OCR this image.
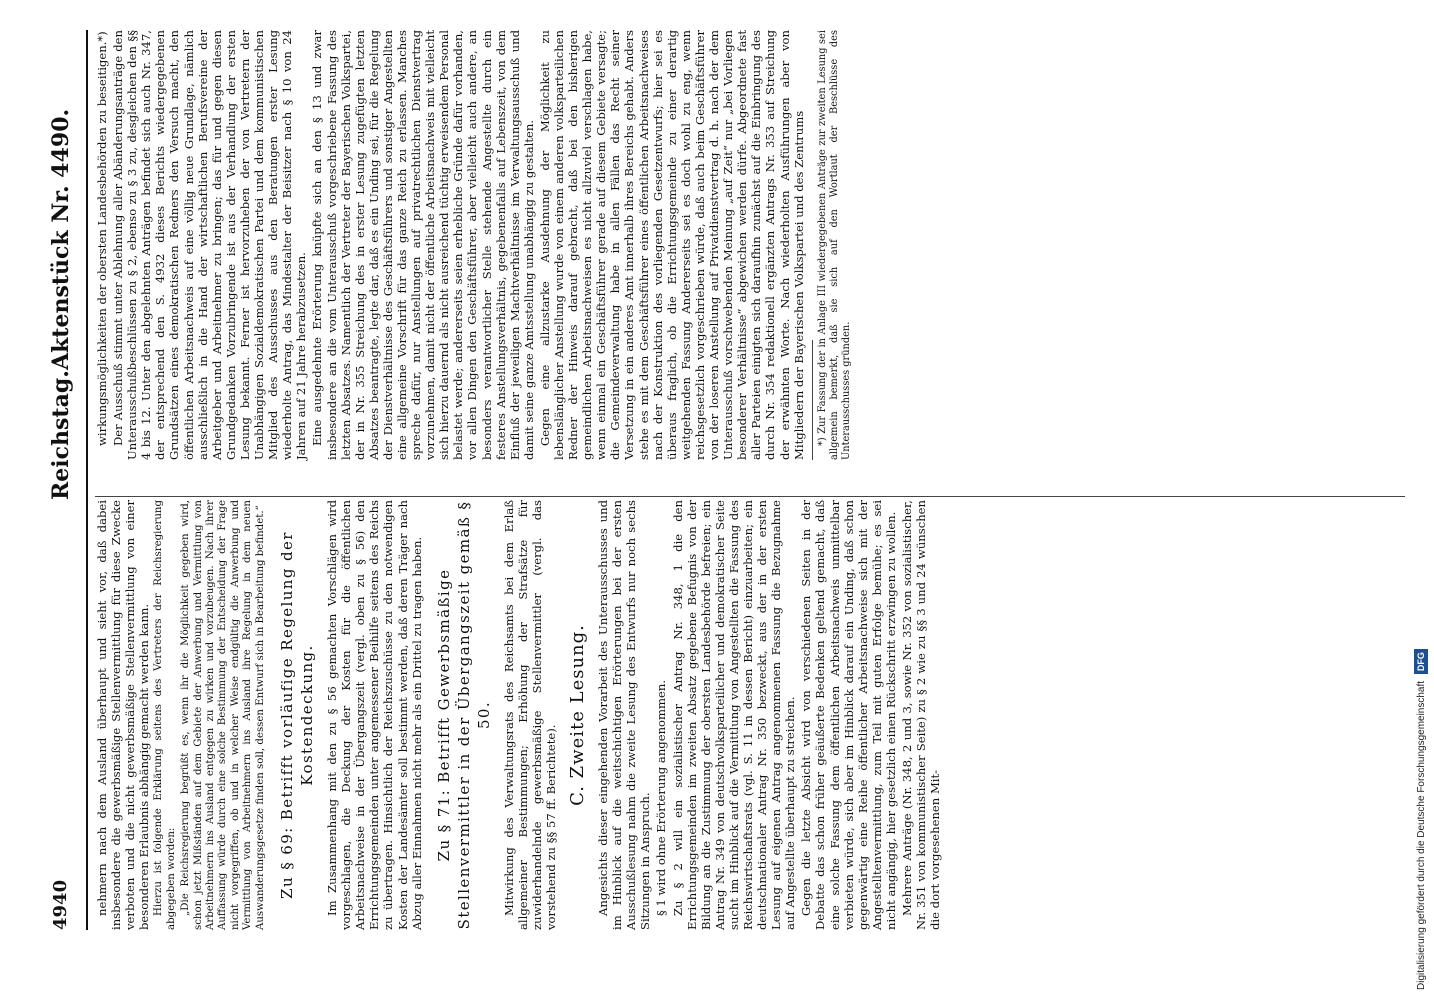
4940
Reichstag.
Aktenstück Nr. 4490.

nehmern nach dem Ausland überhaupt und sieht vor, daß dabei insbesondere die gewerbsmäßige Stellenvermittlung für diese Zwecke verboten und die nicht gewerbsmäßige Stellenvermittlung von einer besonderen Erlaubnis abhängig gemacht werden kann. Hierzu ist folgende Erklärung seitens des Vertreters der Reichsregierung abgegeben worden: „Die Reichsregierung begrüßt es, wenn ihr die Möglichkeit gegeben wird, schon jetzt Mißständen auf dem Gebiete der Anwerbung und Vermittlung von Arbeitnehmern ins Ausland entgegen zu wirken und vorzubeugen. Nach ihrer Auffassung würde durch eine solche Bestimmung der Entscheidung der Frage nicht vorgegriffen, ob und in welcher Weise endgültig die Anwerbung und Vermittlung von Arbeitnehmern ins Ausland ihre Regelung in dem neuen Auswanderungsgesetze finden soll, dessen Entwurf sich in Bearbeitung befindet.“ Zu § 69: Betrifft vorläufige Regelung der Kostendeckung. Im Zusammenhang mit den zu § 56 gemachten Vorschlägen wird vorgeschlagen, die Deckung der Kosten für die öffentlichen Arbeitsnachweise in der Übergangszeit (vergl. oben zu § 56) den Errichtungsgemeinden unter angemessener Beihilfe seitens des Reichs zu übertragen. Hinsichtlich der Reichszuschüsse zu den notwendigen Kosten der Landesämter soll bestimmt werden, daß deren Träger nach Abzug aller Einnahmen nicht mehr als ein Drittel zu tragen haben. Zu § 71: Betrifft Gewerbsmäßige Stellenvermittler in der Übergangszeit gemäß § 50. Mitwirkung des Verwaltungsrats des Reichsamts bei dem Erlaß allgemeiner Bestimmungen; Erhöhung der Strafsätze für zuwiderhandelnde gewerbsmäßige Stellenvermittler (vergl. das vorstehend zu §§ 57 ff. Berichtete).

C. Zweite Lesung. Angesichts dieser eingehenden Vorarbeit des Unterausschusses und im Hinblick auf die weitschichtigen Erörterungen bei der ersten Ausschußlesung nahm die zweite Lesung des Entwurfs nur noch sechs Sitzungen in Anspruch. § 1 wird ohne Erörterung angenommen. Zu § 2 will ein sozialistischer Antrag Nr. 348, 1 die den Errichtungsgemeinden im zweiten Absatz gegebene Befugnis von der Bildung an die Zustimmung der obersten Landesbehörde befreien; ein Antrag Nr. 349 von deutschvolksparteilicher und demokratischer Seite sucht im Hinblick auf die Vermittlung von Angestellten die Fassung des Reichswirtschaftsrats (vgl. S. 11 in dessen Bericht) einzuarbeiten; ein deutschnationaler Antrag Nr. 350 bezweckt, aus der in der ersten Lesung auf eigenen Antrag angenommenen Fassung die Bezugnahme auf Angestellte überhaupt zu streichen. Gegen die letzte Absicht wird von verschiedenen Seiten in der Debatte das schon früher geäußerte Bedenken geltend gemacht, daß eine solche Fassung dem öffentlichen Arbeitsnachweis unmittelbar verbieten würde, sich aber im Hinblick darauf ein Unding, daß schon gegenwärtig eine Reihe öffentlicher Arbeitsnachweise sich mit der Angestelltenvermittlung, zum Teil mit guten Erfolge bemühe; es sei nicht angängig, hier gesetzlich einen Rückschritt erzwingen zu wollen. Mehrere Anträge (Nr. 348, 2 und 3, sowie Nr. 352 von sozialistischer, Nr. 351 von kommunistischer Seite) zu § 2 wie zu §§ 3 und 24 wünschen die dort vorgesehenen Mit-

wirkungsmöglichkeiten der obersten Landesbehörden zu beseitigen.*) Der Ausschuß stimmt unter Ablehnung aller Abänderungsanträge den Unterausschußbeschlüssen zu § 2, ebenso zu § 3 zu, desgleichen den §§ 4 bis 12. Unter den abgelehnten Anträgen befindet sich auch Nr. 347, der entsprechend den S. 4932 dieses Berichts wiedergegebenen Grundsätzen eines demokratischen Redners den Versuch macht, den öffentlichen Arbeitsnachweis auf eine völlig neue Grundlage, nämlich ausschließlich in die Hand der wirtschaftlichen Berufsvereine der Arbeitgeber und Arbeitnehmer zu bringen; das für und gegen diesen Grundgedanken Vorzubringende ist aus der Verhandlung der ersten Lesung bekannt. Ferner ist hervorzuheben der von Vertretern der Unabhängigen Sozialdemokratischen Partei und dem kommunistischen Mitglied des Ausschusses aus den Beratungen erster Lesung wiederholte Antrag, das Mindestalter der Beisitzer nach § 10 von 24 Jahren auf 21 Jahre herabzusetzen. Eine ausgedehnte Erörterung knüpfte sich an den § 13 und zwar insbesondere an die vom Unterausschuß vorgeschriebene Fassung des letzten Absatzes. Namentlich der Vertreter der Bayerischen Volkspartei, der in Nr. 355 Streichung des in erster Lesung zugefügten letzten Absatzes beantragte, legte dar, daß es ein Unding sei, für die Regelung der Dienstverhältnisse des Geschäftsführers und sonstiger Angestellten eine allgemeine Vorschrift für das ganze Reich zu erlassen. Manches spreche dafür, nur Anstellungen auf privatrechtlichen Dienstvertrag vorzunehmen, damit nicht der öffentliche Arbeitsnachweis mit vielleicht sich hierzu dauernd als nicht ausreichend tüchtig erweisendem Personal belastet werde; andererseits seien erhebliche Gründe dafür vorhanden, vor allen Dingen den Geschäftsführer, aber vielleicht auch andere, an besonders verantwortlicher Stelle stehende Angestellte durch ein festeres Anstellungsverhältnis, gegebenenfalls auf Lebenszeit, von dem Einfluß der jeweiligen Machtverhältnisse im Verwaltungsausschuß und damit seine ganze Amtsstellung unabhängig zu gestalten. Gegen eine allzustarke Ausdehnung der Möglichkeit zu lebenslänglicher Anstellung wurde von einem anderen volksparteilichen Redner der Hinweis darauf gebracht, daß bei den bisherigen gemeindlichen Arbeitsnachweisen es nicht allzuviel verschlagen habe, wenn einmal ein Geschäftsführer gerade auf diesem Gebiete versagte; die Gemeindeverwaltung habe in allen Fällen das Recht seiner Versetzung in ein anderes Amt innerhalb ihres Bereichs gehabt. Anders stehe es mit dem Geschäftsführer eines öffentlichen Arbeitsnachweises nach der Konstruktion des vorliegenden Gesetzentwurfs; hier sei es überaus fraglich, ob die Errichtungsgemeinde zu einer derartig weitgehenden Fassung Andererseits sei es doch wohl zu eng, wenn reichsgesetzlich vorgeschrieben würde, daß auch beim Geschäftsführer von der loseren Anstellung auf Privatdienstvertrag d. h. nach der dem Unterausschuß vorschwebenden Meinung „auf Zeit“ nur „bei Vorliegen besonderer Verhältnisse“ abgewichen werden dürfe. Abgeordnete fast aller Parteien einigten sich daraufhin zunächst auf die Einbringung des durch Nr. 354 redaktionell ergänzten Antrags Nr. 353 auf Streichung der erwähnten Worte. Nach wiederholten Ausführungen aber von Mitgliedern der Bayerischen Volkspartei und des Zentrums *) Zur Fassung der in Anlage III wiedergegebenen Anträge zur zweiten Lesung sei allgemein bemerkt, daß sie sich auf den Wortlaut der Beschlüsse des Unterausschusses gründen.

Digitalisierung gefördert durch die Deutsche Forschungsgemeinschaft DFG
